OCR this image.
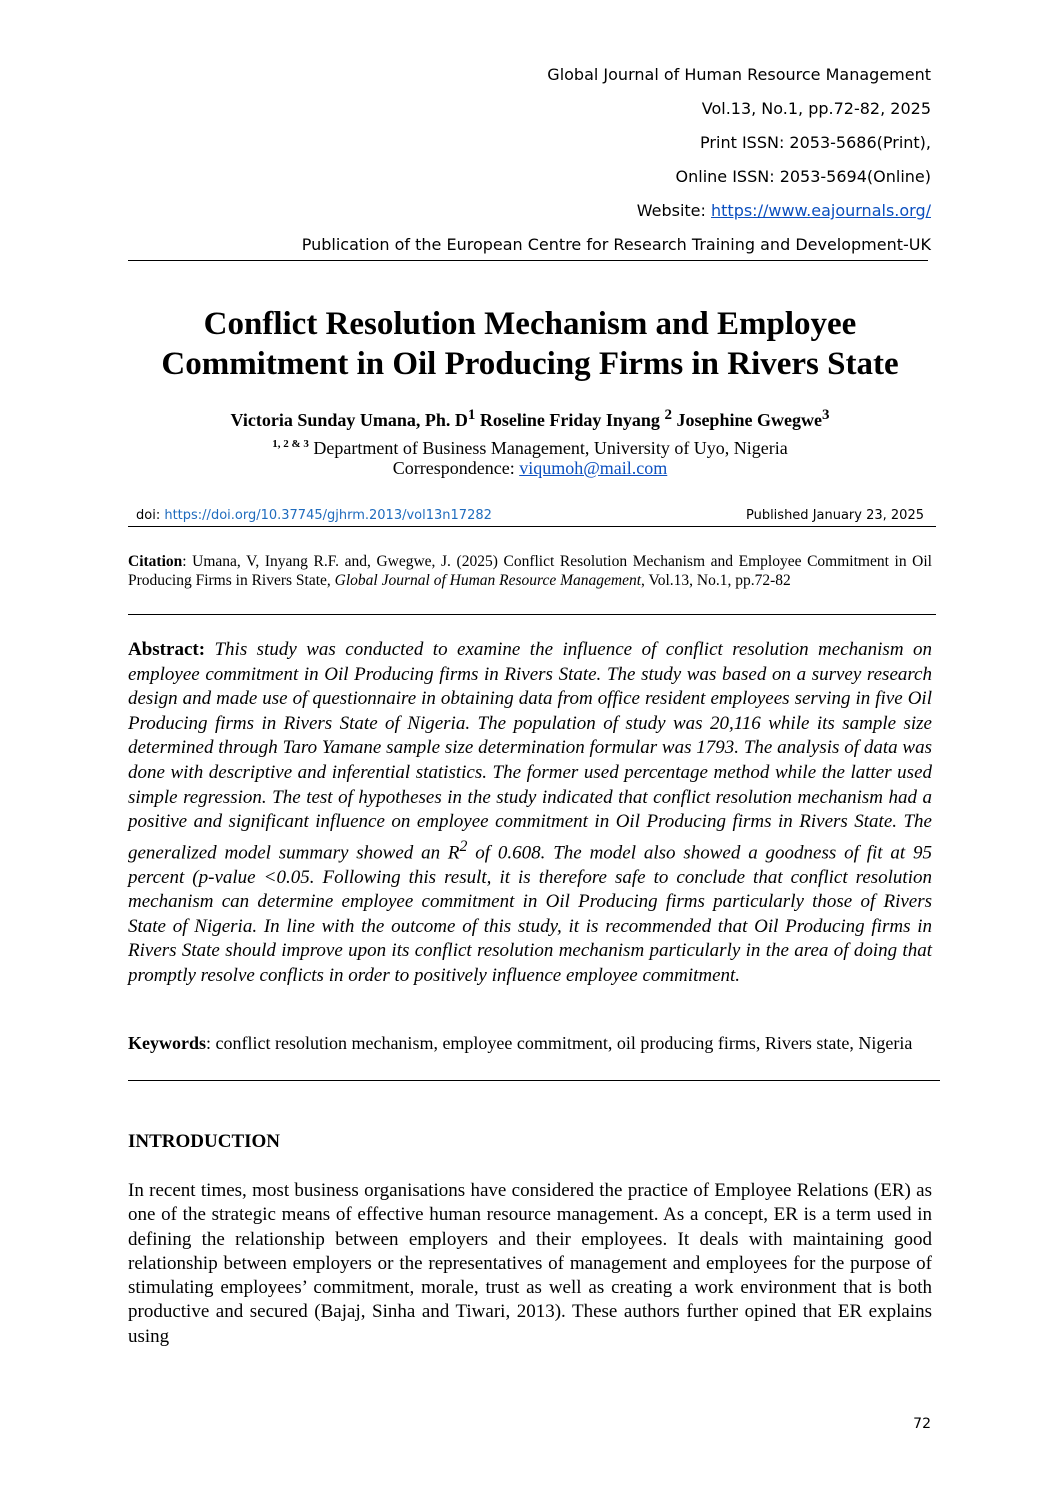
Global Journal of Human Resource Management
Vol.13, No.1, pp.72-82, 2025
Print ISSN: 2053-5686(Print),
Online ISSN: 2053-5694(Online)
Website: https://www.eajournals.org/
Publication of the European Centre for Research Training and Development-UK
Conflict Resolution Mechanism and Employee
Commitment in Oil Producing Firms in Rivers State
Victoria Sunday Umana, Ph. $D^1$ Roseline Friday Inyang $^2$ Josephine Gwegwe$^3$
$^{1, 2 \& 3}$ Department of Business Management, University of Uyo, Nigeria
Correspondence: viqumoh@mail.com
doi: https://doi.org/10.37745/gjhrm.2013/vol13n17282	Published January 23, 2025
Citation: Umana, V, Inyang R.F. and, Gwegwe, J. (2025) Conflict Resolution Mechanism and Employee Commitment in Oil Producing Firms in Rivers State, Global Journal of Human Resource Management, Vol.13, No.1, pp.72-82
Abstract: This study was conducted to examine the influence of conflict resolution mechanism on employee commitment in Oil Producing firms in Rivers State. The study was based on a survey research design and made use of questionnaire in obtaining data from office resident employees serving in five Oil Producing firms in Rivers State of Nigeria. The population of study was 20,116 while its sample size determined through Taro Yamane sample size determination formular was 1793. The analysis of data was done with descriptive and inferential statistics. The former used percentage method while the latter used simple regression. The test of hypotheses in the study indicated that conflict resolution mechanism had a positive and significant influence on employee commitment in Oil Producing firms in Rivers State. The generalized model summary showed an $R^2$ of 0.608. The model also showed a goodness of fit at 95 percent (p-value <0.05. Following this result, it is therefore safe to conclude that conflict resolution mechanism can determine employee commitment in Oil Producing firms particularly those of Rivers State of Nigeria. In line with the outcome of this study, it is recommended that Oil Producing firms in Rivers State should improve upon its conflict resolution mechanism particularly in the area of doing that promptly resolve conflicts in order to positively influence employee commitment.
Keywords: conflict resolution mechanism, employee commitment, oil producing firms, Rivers state, Nigeria
INTRODUCTION
In recent times, most business organisations have considered the practice of Employee Relations (ER) as one of the strategic means of effective human resource management. As a concept, ER is a term used in defining the relationship between employers and their employees. It deals with maintaining good relationship between employers or the representatives of management and employees for the purpose of stimulating employees’ commitment, morale, trust as well as creating a work environment that is both productive and secured (Bajaj, Sinha and Tiwari, 2013). These authors further opined that ER explains using
72
